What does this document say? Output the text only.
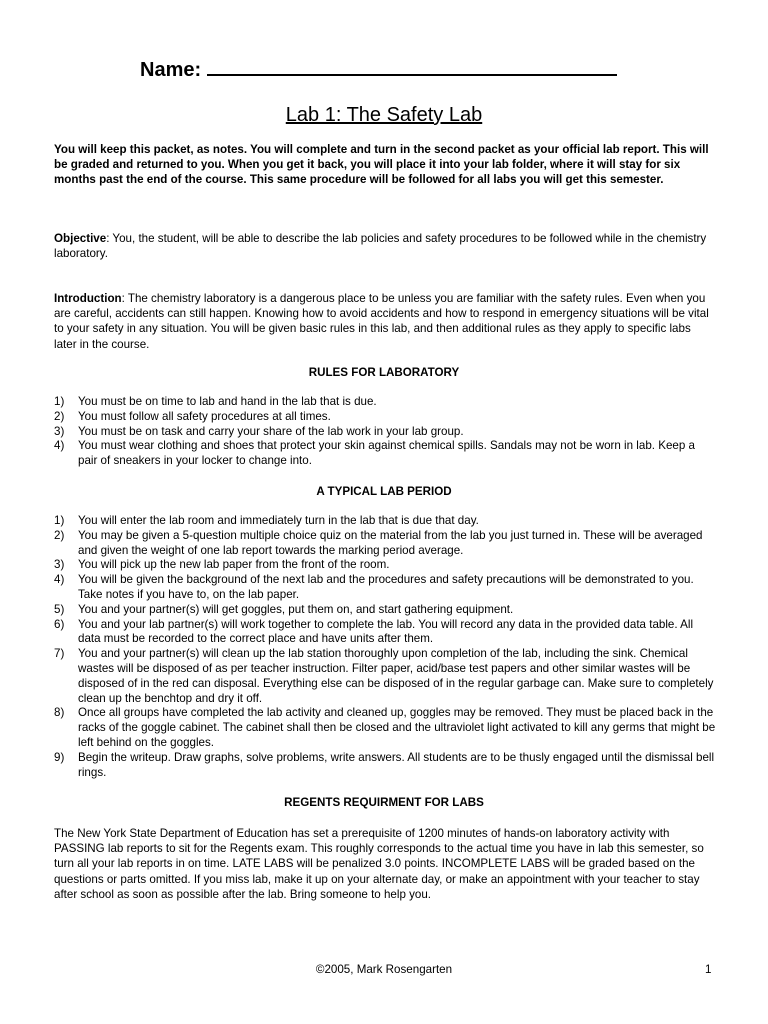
Name:
Lab 1: The Safety Lab
You will keep this packet, as notes. You will complete and turn in the second packet as your official lab report. This will be graded and returned to you. When you get it back, you will place it into your lab folder, where it will stay for six months past the end of the course. This same procedure will be followed for all labs you will get this semester.
Objective: You, the student, will be able to describe the lab policies and safety procedures to be followed while in the chemistry laboratory.
Introduction: The chemistry laboratory is a dangerous place to be unless you are familiar with the safety rules. Even when you are careful, accidents can still happen. Knowing how to avoid accidents and how to respond in emergency situations will be vital to your safety in any situation. You will be given basic rules in this lab, and then additional rules as they apply to specific labs later in the course.
RULES FOR LABORATORY
1) You must be on time to lab and hand in the lab that is due.
2) You must follow all safety procedures at all times.
3) You must be on task and carry your share of the lab work in your lab group.
4) You must wear clothing and shoes that protect your skin against chemical spills. Sandals may not be worn in lab. Keep a pair of sneakers in your locker to change into.
A TYPICAL LAB PERIOD
1) You will enter the lab room and immediately turn in the lab that is due that day.
2) You may be given a 5-question multiple choice quiz on the material from the lab you just turned in. These will be averaged and given the weight of one lab report towards the marking period average.
3) You will pick up the new lab paper from the front of the room.
4) You will be given the background of the next lab and the procedures and safety precautions will be demonstrated to you. Take notes if you have to, on the lab paper.
5) You and your partner(s) will get goggles, put them on, and start gathering equipment.
6) You and your lab partner(s) will work together to complete the lab. You will record any data in the provided data table. All data must be recorded to the correct place and have units after them.
7) You and your partner(s) will clean up the lab station thoroughly upon completion of the lab, including the sink. Chemical wastes will be disposed of as per teacher instruction. Filter paper, acid/base test papers and other similar wastes will be disposed of in the red can disposal. Everything else can be disposed of in the regular garbage can. Make sure to completely clean up the benchtop and dry it off.
8) Once all groups have completed the lab activity and cleaned up, goggles may be removed. They must be placed back in the racks of the goggle cabinet. The cabinet shall then be closed and the ultraviolet light activated to kill any germs that might be left behind on the goggles.
9) Begin the writeup. Draw graphs, solve problems, write answers. All students are to be thusly engaged until the dismissal bell rings.
REGENTS REQUIRMENT FOR LABS
The New York State Department of Education has set a prerequisite of 1200 minutes of hands-on laboratory activity with PASSING lab reports to sit for the Regents exam. This roughly corresponds to the actual time you have in lab this semester, so turn all your lab reports in on time. LATE LABS will be penalized 3.0 points. INCOMPLETE LABS will be graded based on the questions or parts omitted. If you miss lab, make it up on your alternate day, or make an appointment with your teacher to stay after school as soon as possible after the lab. Bring someone to help you.
©2005, Mark Rosengarten	1
